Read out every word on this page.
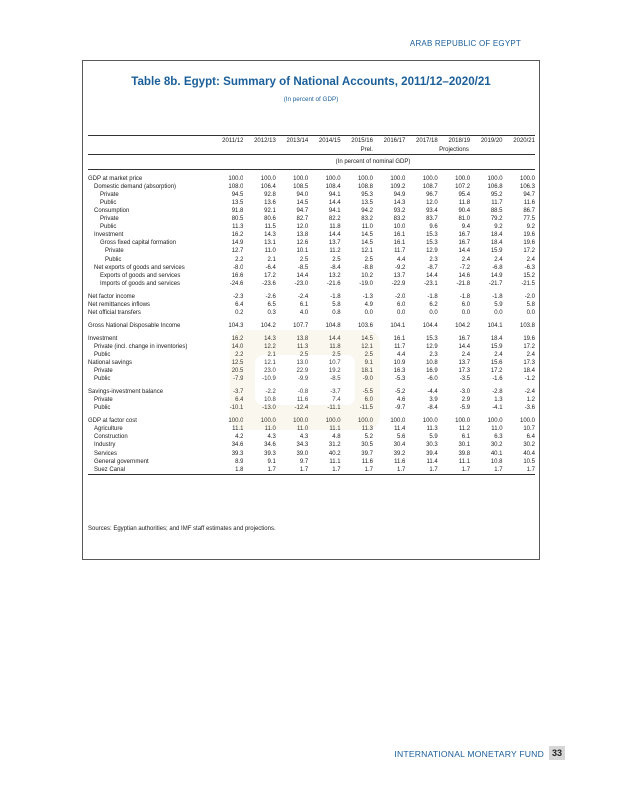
ARAB REPUBLIC OF EGYPT
Table 8b. Egypt: Summary of National Accounts, 2011/12–2020/21
(In percent of GDP)
	2011/12	2012/13	2013/14	2014/15	2015/16	2016/17	2017/18	2018/19	2019/20	2020/21
					Prel.	Projections				
	(In percent of nominal GDP)									

GDP at market price	100.0	100.0	100.0	100.0	100.0	100.0	100.0	100.0	100.0	100.0
Domestic demand (absorption)	108.0	106.4	108.5	108.4	108.8	109.2	108.7	107.2	106.8	106.3
Private	94.5	92.8	94.0	94.1	95.3	94.9	96.7	95.4	95.2	94.7
Public	13.5	13.6	14.5	14.4	13.5	14.3	12.0	11.8	11.7	11.6
Consumption	91.8	92.1	94.7	94.1	94.2	93.2	93.4	90.4	88.5	86.7
Private	80.5	80.6	82.7	82.2	83.2	83.2	83.7	81.0	79.2	77.5
Public	11.3	11.5	12.0	11.8	11.0	10.0	9.6	9.4	9.2	9.2
Investment	16.2	14.3	13.8	14.4	14.5	16.1	15.3	16.7	18.4	19.6
Gross fixed capital formation	14.9	13.1	12.6	13.7	14.5	16.1	15.3	16.7	18.4	19.6
Private	12.7	11.0	10.1	11.2	12.1	11.7	12.9	14.4	15.9	17.2
Public	2.2	2.1	2.5	2.5	2.5	4.4	2.3	2.4	2.4	2.4
Net exports of goods and services	-8.0	-6.4	-8.5	-8.4	-8.8	-9.2	-8.7	-7.2	-6.8	-6.3
Exports of goods and services	16.6	17.2	14.4	13.2	10.2	13.7	14.4	14.6	14.9	15.2
Imports of goods and services	-24.6	-23.6	-23.0	-21.6	-19.0	-22.9	-23.1	-21.8	-21.7	-21.5

Net factor income	-2.3	-2.6	-2.4	-1.8	-1.3	-2.0	-1.8	-1.8	-1.8	-2.0
Net remittances inflows	6.4	6.5	6.1	5.8	4.9	6.0	6.2	6.0	5.9	5.8
Net official transfers	0.2	0.3	4.0	0.8	0.0	0.0	0.0	0.0	0.0	0.0

Gross National Disposable Income	104.3	104.2	107.7	104.8	103.6	104.1	104.4	104.2	104.1	103.8

Investment	16.2	14.3	13.8	14.4	14.5	16.1	15.3	16.7	18.4	19.6
Private (incl. change in inventories)	14.0	12.2	11.3	11.8	12.1	11.7	12.9	14.4	15.9	17.2
Public	2.2	2.1	2.5	2.5	2.5	4.4	2.3	2.4	2.4	2.4
National savings	12.5	12.1	13.0	10.7	9.1	10.9	10.8	13.7	15.6	17.3
Private	20.5	23.0	22.9	19.2	18.1	16.3	16.9	17.3	17.2	18.4
Public	-7.9	-10.9	-9.9	-8.5	-9.0	-5.3	-6.0	-3.5	-1.6	-1.2

Savings-investment balance	-3.7	-2.2	-0.8	-3.7	-5.5	-5.2	-4.4	-3.0	-2.8	-2.4
Private	6.4	10.8	11.6	7.4	6.0	4.6	3.9	2.9	1.3	1.2
Public	-10.1	-13.0	-12.4	-11.1	-11.5	-9.7	-8.4	-5.9	-4.1	-3.6

GDP at factor cost	100.0	100.0	100.0	100.0	100.0	100.0	100.0	100.0	100.0	100.0
Agriculture	11.1	11.0	11.0	11.1	11.3	11.4	11.3	11.2	11.0	10.7
Construction	4.2	4.3	4.3	4.8	5.2	5.6	5.9	6.1	6.3	6.4
Industry	34.6	34.6	34.3	31.2	30.5	30.4	30.3	30.1	30.2	30.2
Services	39.3	39.3	39.0	40.2	39.7	39.2	39.4	39.8	40.1	40.4
General government	8.9	9.1	9.7	11.1	11.6	11.6	11.4	11.1	10.8	10.5
Suez Canal	1.8	1.7	1.7	1.7	1.7	1.7	1.7	1.7	1.7	1.7

Sources: Egyptian authorities; and IMF staff estimates and projections.
INTERNATIONAL MONETARY FUND 33
